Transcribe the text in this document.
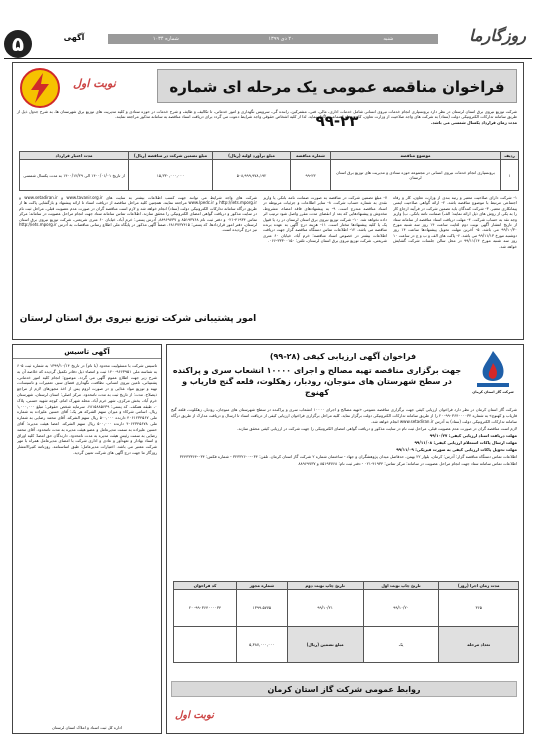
۵	آگهی	شنبه
۲۰ دی ۱۳۹۹
شماره ۱۰۳۴	روزگارما
فراخوان مناقصه عمومی یک مرحله ای شماره ۲۳-۹۹
نوبت اول
شرکت توزیع نیروی برق استان لرستان در نظر دارد برونسپاری انجام خدمات نیروی انسانی شامل خدمات اداری، مالی، فنی، مشترکین، راننده گی، سرویس نگهداری و امور خدماتی، تا تکالیف و ظایف و شرح خدمات در حوزه ستادی و کلیه مدیریت های توزیع برق شهرستان ها، به شرح جدول ذیل از طریق سامانه تدارکات الکترونیکی دولت (ستاد) به شرکت های واجد صلاحیت از وزارت تعاون، کار و رفاه اجتماعی واگذار نماید. لذا از کلیه اشخاص حقوقی واجد شرایط دعوت می گردد برای دریافت اسناد مناقصه به سامانه مذکور مراجعه نمایند.
مدت زمان قرارداد یکسال شمسی می باشد.
ردیف	موضوع مناقصه	شماره مناقصه	مبلغ برآورد اولیه (ریال)	مبلغ تضمین شرکت در مناقصه (ریال)	مدت اعتبار قرارداد
۱	برونسپاری انجام خدمات نیروی انسانی در مجموعه حوزه ستادی و مدیریت های توزیع برق استان لرستان	۹۹-۲۳	۵۰۸,۹۹۹,۹۷۸,۱۹۲	۱۵,۳۳۰,۰۰۰,۰۰۰	از تاریخ ۱۴۰۰/۰۱/۰۱ الی ۱۴۰۰/۱۲/۲۹ به مدت یکسال شمسی
۱- شرکت دارای صلاحیت معتبر و رتبه بندی از وزارت تعاون، کار و رفاه اجتماعی مرتبط با موضوع مناقصه باشد. ۲- ارائه گواهی صلاحیت ایمنی پیمانکاری معتبر. ۳- شرکت کنندگان باید تضمین شرکت در فرآیند ارجاع کار را به یکی از روش های ذیل ارائه نمایند: الف) ضمانت نامه بانکی. ب) واریز وجه نقد به حساب شرکت. ۴- مهلت دریافت اسناد مناقصه از سامانه ستاد از تاریخ انتشار آگهی نوبت دوم لغایت ساعت ۱۴ روز سه شنبه مورخ ۹۹/۱۰/۳۰ می باشد. ۵- آخرین مهلت تحویل پیشنهادها ساعت ۱۴ روز دوشنبه مورخ ۹۹/۱۱/۱۳ می باشد. ۶- پاکت های الف و ب و ج در ساعت ۱۰ روز سه شنبه مورخ ۹۹/۱۱/۱۴ در محل سالن جلسات شرکت گشایش خواهد شد.
۷- مبلغ تضمین شرکت در مناقصه به صورت ضمانت نامه بانکی یا واریز نقدی به شماره حساب شرکت. ۸- سایر اطلاعات و جزئیات مربوطه در اسناد مناقصه مندرج است. ۹- به پیشنهادهای فاقد امضاء، مشروط، مخدوش و پیشنهادهایی که بعد از انقضای مدت مقرر واصل شود ترتیب اثر داده نخواهد شد. ۱۰- شرکت توزیع نیروی برق استان لرستان در رد یا قبول یک یا کلیه پیشنهادها مختار است. ۱۱- هزینه درج آگهی به عهده برنده مناقصه می باشد. ۱۲- اطلاعات تماس دستگاه مناقصه گزار جهت دریافت اطلاعات بیشتر در خصوص اسناد مناقصه: خرم آباد، خیابان ۶۰ متری شریعتی، شرکت توزیع نیروی برق استان لرستان، تلفن: ۳۳۳۰۰۱۵۰-۰۶۶.
شرکت های واجد شرایط می توانند جهت کسب اطلاعات بیشتر به سایت های www.tavanir.org.ir و www.setadiran.ir و http://iets.mporg.ir و www.lpedc.ir مراجعه نمایند. همچنین کلیه مراحل مناقصه از دریافت اسناد تا ارائه پیشنهاد و بازگشایی پاکت ها از طریق درگاه سامانه تدارکات الکترونیکی دولت (ستاد) انجام خواهد شد و لازم است مناقصه گران در صورت عدم عضویت قبلی، مراحل ثبت نام در سایت مذکور و دریافت گواهی امضای الکترونیکی را محقق سازند. اطلاعات تماس سامانه ستاد جهت انجام مراحل عضویت در سامانه: مرکز تماس ۴۱۹۳۴-۰۲۱ و دفتر ثبت نام ۸۵۱۹۳۷۶۸ و ۸۸۹۶۹۷۳۷. آدرس پستی: خرم آباد، خیابان ۶۰ متری شریعتی، شرکت توزیع نیروی برق استان لرستان، دفتر امور قراردادها. کد پستی: ۶۸۱۳۷۳۷۴۱۵. ضمناً آگهی مذکور در پایگاه ملی اطلاع رسانی مناقصات به آدرس http://iets.mporg.ir نیز درج گردیده است.
امور پشتیبانی شرکت توزیع نیروی برق استان لرستان
آگهی تاسیس
تاسیس شرکت با مسئولیت محدود (با نام) در تاریخ ۱۳۹۹/۱۰/۱۴ به شماره ثبت ۶۰۵ به شناسه ملی ۱۴۰۰۹۶۶۳۹۵۱ ثبت و امضاء ذیل دفاتر تکمیل گردیده که خلاصه آن به شرح زیر جهت اطلاع عموم آگهی می گردد. موضوع: انجام کلیه امور خدماتی، پشتیبانی، تامین نیروی انسانی، نظافت، نگهداری فضای سبز، تعمیرات و تاسیسات، تهیه و توزیع مواد غذایی و در صورت لزوم پس از اخذ مجوزهای لازم از مراجع ذیصلاح. مدت: از تاریخ ثبت به مدت نامحدود. مرکز اصلی: استان لرستان، شهرستان خرم آباد، بخش مرکزی، شهر خرم آباد، محله شهرک امام، کوچه شهید حسنی، پلاک ۰، طبقه همکف. کد پستی: ۶۸۱۵۸۸۵۶۳۹. سرمایه شخص حقوقی: مبلغ ۱,۰۰۰,۰۰۰ ریال. اسامی شرکاء و میزان سهم الشرکه هر یک: آقای حسین علیزاده به شماره ملی ۴۰۶۱۲۳۴۵۶۷ دارنده ۵۰۰,۰۰۰ ریال سهم الشرکه. آقای محمد رضایی به شماره ملی ۴۰۶۲۳۴۵۶۷۸ دارنده ۵۰۰,۰۰۰ ریال سهم الشرکه. اعضا هیئت مدیره: آقای حسین علیزاده به سمت مدیرعامل و عضو هیئت مدیره به مدت نامحدود. آقای محمد رضایی به سمت رئیس هیئت مدیره به مدت نامحدود. دارندگان حق امضا: کلیه اوراق و اسناد بهادار و تعهدآور و عادی و اداری شرکت با امضای مدیرعامل همراه با مهر شرکت معتبر می باشد. اختیارات مدیرعامل: طبق اساسنامه. روزنامه کثیرالانتشار روزگار ما جهت درج آگهی های شرکت تعیین گردید.
اداره کل ثبت اسناد و املاک استان لرستان
فراخوان آگهی ارزیابی کیفی (۲۸-۹۹)
جهت برگزاری مناقصه تهیه مصالح و اجرای ۱۰۰۰۰ انشعاب سری و پراکنده در سطح شهرستان های منوجان، رودبار، زهکلوت، قلعه گنج فاریاب و کهنوج	شرکت گاز استان کرمان

شرکت گاز استان کرمان در نظر دارد فراخوان ارزیابی کیفی جهت برگزاری مناقصه عمومی «تهیه مصالح و اجرای ۱۰۰۰۰ انشعاب سری و پراکنده در سطح شهرستان های منوجان، رودبار، زهکلوت، قلعه گنج فاریاب و کهنوج» به شماره ۲۰۰۹۹۰۳۶۴۰۰۰۰۳۴ را از طریق سامانه تدارکات الکترونیکی دولت برگزار نماید. کلیه مراحل برگزاری فراخوان ارزیابی کیفی از دریافت اسناد تا ارسال و دریافت مدارک از طریق درگاه سامانه تدارکات الکترونیکی دولت (ستاد) به آدرس www.setadiran.ir انجام خواهد شد.

لازم است مناقصه گران در صورت عدم عضویت قبلی، مراحل ثبت نام در سایت مذکور و دریافت گواهی امضای الکترونیکی را جهت شرکت در ارزیابی کیفی محقق سازند.

مهلت دریافت اسناد ارزیابی کیفی: ۹۹/۱۰/۲۷

مهلت ارسال پاکات استعلام ارزیابی کیفی: ۹۹/۱۱/۰۸

مهلت تحویل پاکات ارزیابی کیفی به صورت فیزیکی: ۹۹/۱۱/۰۹

اطلاعات تماس دستگاه مناقصه گزار: آدرس: کرمان، بلوار ۲۲ بهمن، حدفاصل میدان پژوهشگران و جهاد - ساختمان شماره ۲ شرکت گاز استان کرمان. تلفن: ۰۳۴-۳۲۳۳۲۶۰۰ - شماره فکس: ۰۳۴-۳۲۴۳۳۳۶۴

اطلاعات تماس سامانه ستاد جهت انجام مراحل عضویت در سامانه: مرکز تماس: ۴۱۹۳۴-۰۲۱ - دفتر ثبت نام: ۸۵۱۹۳۷۶۸ و ۸۸۹۶۹۷۳۷

مدت زمان اجرا (روز)	تاریخ چاپ نوبت اول	تاریخ چاپ نوبت دوم	شماره مجوز	کد فراخوان
۳۶۵	۹۹/۱۰/۲۰	۹۹/۱۰/۲۱	۱۳۹۹.۵۷۷۵	۲۰۰۹۹۰۳۶۴۰۰۰۰۳۴
تعداد مرحله	یک	مبلغ تضمین (ریال)	۵,۳۸۷,۰۰۰,۰۰۰	
روابط عمومی شرکت گاز استان کرمان
نوبت اول
